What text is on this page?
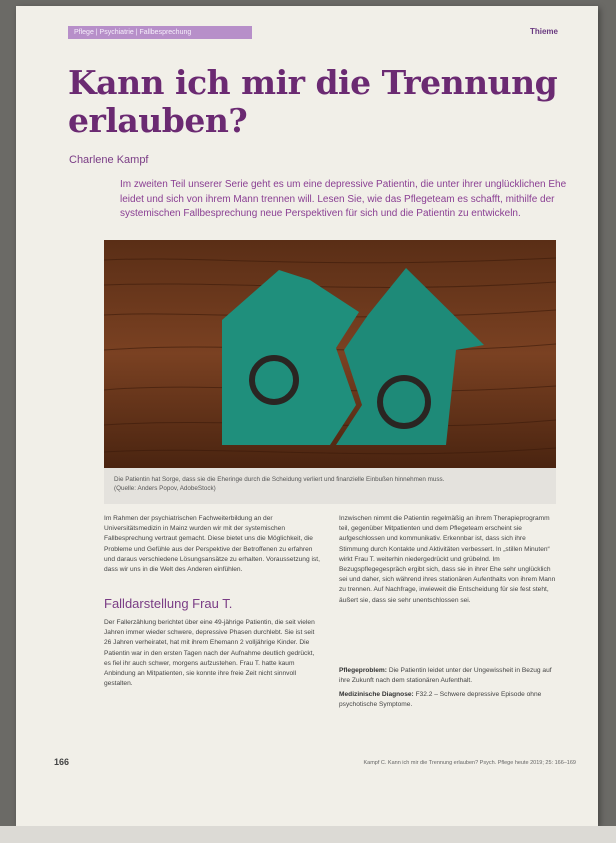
Pflege | Psychiatrie | Fallbesprechung	Thieme
Kann ich mir die Trennung
erlauben?
Charlene Kampf
Im zweiten Teil unserer Serie geht es um eine depressive Patientin, die unter ihrer unglücklichen Ehe leidet und sich von ihrem Mann trennen will. Lesen Sie, wie das Pflegeteam es schafft, mithilfe der systemischen Fallbesprechung neue Perspektiven für sich und die Patientin zu entwickeln.
Die Patientin hat Sorge, dass sie die Eheringe durch die Scheidung verliert und finanzielle Einbußen hinnehmen muss.
(Quelle: Anders Popov, AdobeStock)
Im Rahmen der psychiatrischen Fachweiterbildung an der Universitätsmedizin in Mainz wurden wir mit der systemischen Fallbesprechung vertraut gemacht. Diese bietet uns die Möglichkeit, die Probleme und Gefühle aus der Perspektive der Betroffenen zu erfahren und daraus verschiedene Lösungsansätze zu erhalten. Voraussetzung ist, dass wir uns in die Welt des Anderen einfühlen.
Falldarstellung Frau T.
Der Fallerzählung berichtet über eine 49-jährige Patientin, die seit vielen Jahren immer wieder schwere, depressive Phasen durchlebt. Sie ist seit 26 Jahren verheiratet, hat mit ihrem Ehemann 2 volljährige Kinder. Die Patientin war in den ersten Tagen nach der Aufnahme deutlich gedrückt, es fiel ihr auch schwer, morgens aufzustehen. Frau T. hatte kaum Anbindung an Mitpatienten, sie konnte ihre freie Zeit nicht sinnvoll gestalten.
Inzwischen nimmt die Patientin regelmäßig an ihrem Therapieprogramm teil, gegenüber Mitpatienten und dem Pflegeteam erscheint sie aufgeschlossen und kommunikativ. Erkennbar ist, dass sich ihre Stimmung durch Kontakte und Aktivitäten verbessert. In „stillen Minuten“ wirkt Frau T. weiterhin niedergedrückt und grübelnd. Im Bezugspflegegespräch ergibt sich, dass sie in ihrer Ehe sehr unglücklich sei und daher, sich während ihres stationären Aufenthalts von ihrem Mann zu trennen. Auf Nachfrage, inwieweit die Entscheidung für sie fest steht, äußert sie, dass sie sehr unentschlossen sei.
Pflegeproblem: Die Patientin leidet unter der Ungewissheit in Bezug auf ihre Zukunft nach dem stationären Aufenthalt.
Medizinische Diagnose: F32.2 – Schwere depressive Episode ohne psychotische Symptome.
166	Kampf C. Kann ich mir die Trennung erlauben? Psych. Pflege heute 2019; 25: 166–169
